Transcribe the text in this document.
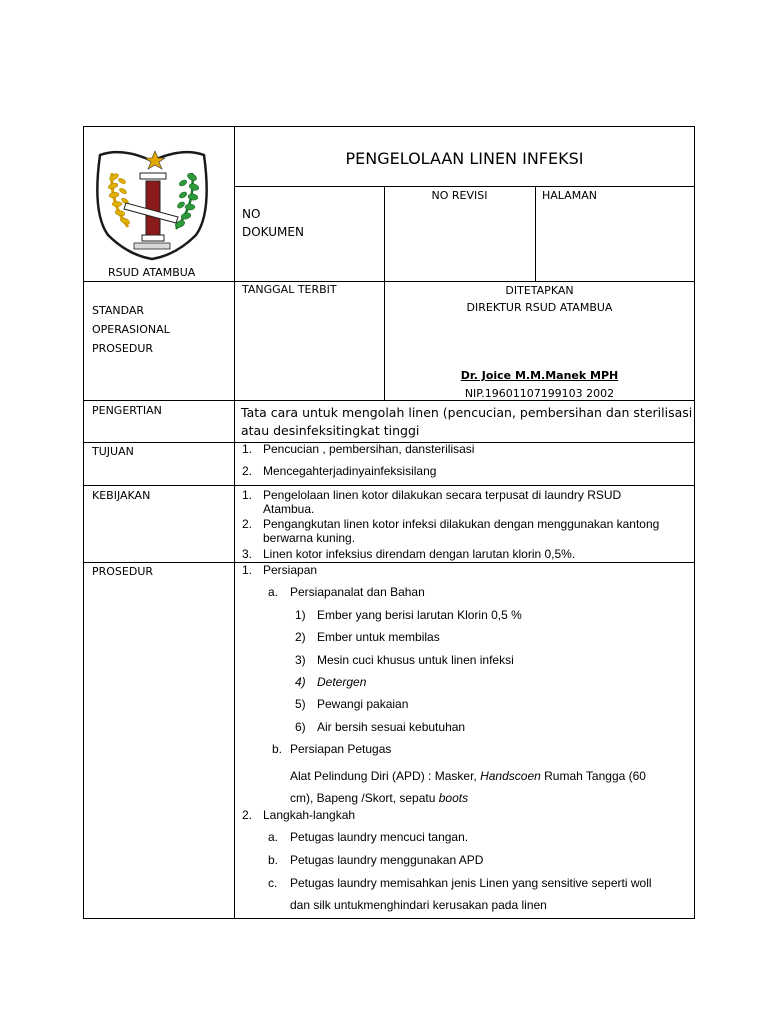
RSUD ATAMBUA
PENGELOLAAN LINEN INFEKSI
NO
DOKUMEN
NO REVISI	HALAMAN
STANDAR
OPERASIONAL
PROSEDUR
TANGGAL TERBIT	DITETAPKAN
DIREKTUR RSUD ATAMBUA
Dr. Joice M.M.Manek MPH
NIP.19601107199103 2002
PENGERTIAN	Tata cara untuk mengolah linen (pencucian, pembersihan dan sterilisasi
atau desinfeksitingkat tinggi
TUJUAN	1. Pencucian , pembersihan, dansterilisasi
2. Mencegahterjadinyainfeksisilang
KEBIJAKAN	1. Pengelolaan linen kotor dilakukan secara terpusat di laundry RSUD
Atambua.
2. Pengangkutan linen kotor infeksi dilakukan dengan menggunakan kantong
berwarna kuning.
3. Linen kotor infeksius direndam dengan larutan klorin 0,5%.
PROSEDUR	1. Persiapan
a. Persiapanalat dan Bahan
1) Ember yang berisi larutan Klorin 0,5 %
2) Ember untuk membilas
3) Mesin cuci khusus untuk linen infeksi
4) Detergen
5) Pewangi pakaian
6) Air bersih sesuai kebutuhan
b. Persiapan Petugas
Alat Pelindung Diri (APD) : Masker, Handscoen Rumah Tangga (60
cm), Bapeng /Skort, sepatu boots
2. Langkah-langkah
a. Petugas laundry mencuci tangan.
b. Petugas laundry menggunakan APD
c. Petugas laundry memisahkan jenis Linen yang sensitive seperti woll
dan silk untukmenghindari kerusakan pada linen
